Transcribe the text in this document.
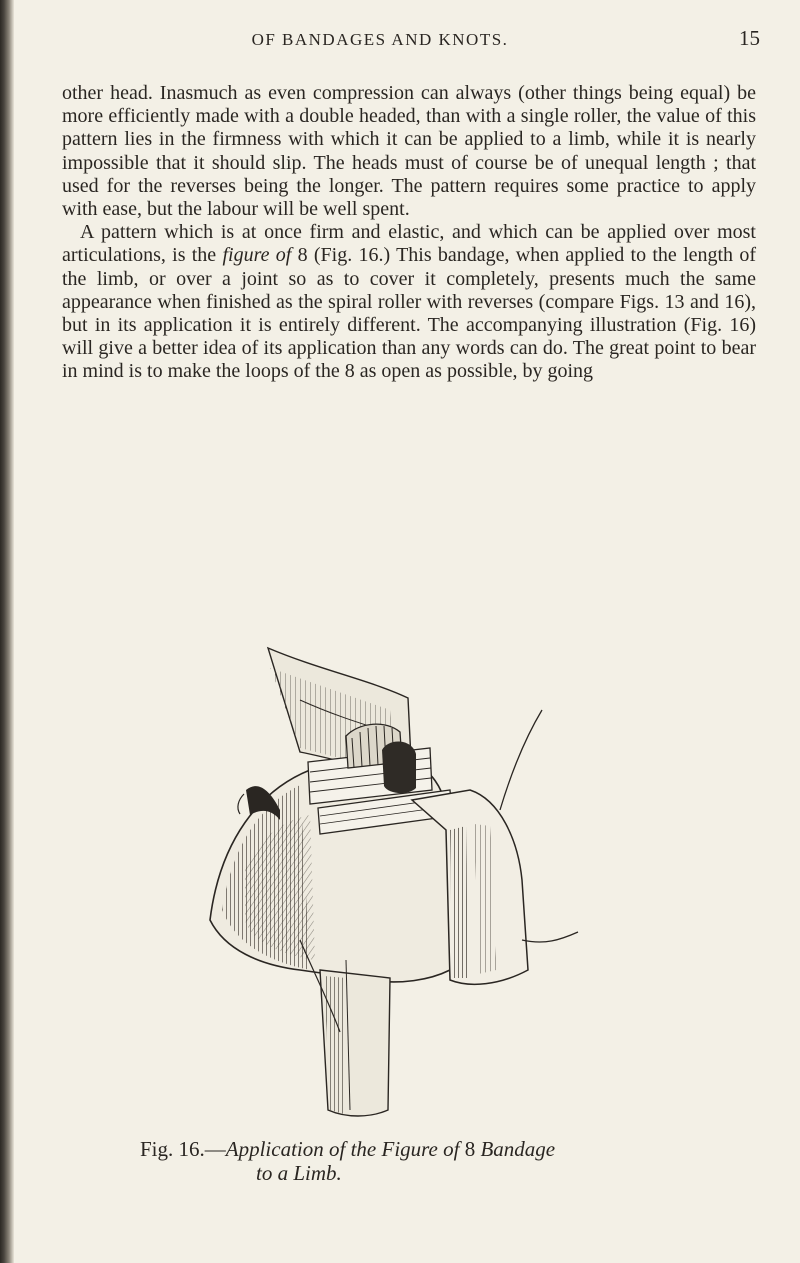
OF BANDAGES AND KNOTS.	15

other head. Inasmuch as even compression can always (other things being equal) be more efficiently made with a double headed, than with a single roller, the value of this pattern lies in the firmness with which it can be applied to a limb, while it is nearly impossible that it should slip. The heads must of course be of unequal length ; that used for the reverses being the longer. The pattern requires some practice to apply with ease, but the labour will be well spent.

A pattern which is at once firm and elastic, and which can be applied over most articulations, is the figure of 8 (Fig. 16.) This bandage, when applied to the length of the limb, or over a joint so as to cover it completely, presents much the same appearance when finished as the spiral roller with reverses (compare Figs. 13 and 16), but in its application it is entirely different. The accompanying illustration (Fig. 16) will give a better idea of its application than any words can do. The great point to bear in mind is to make the loops of the 8 as open as possible, by going

Fig. 16.—Application of the Figure of 8 Bandage
to a Limb.
